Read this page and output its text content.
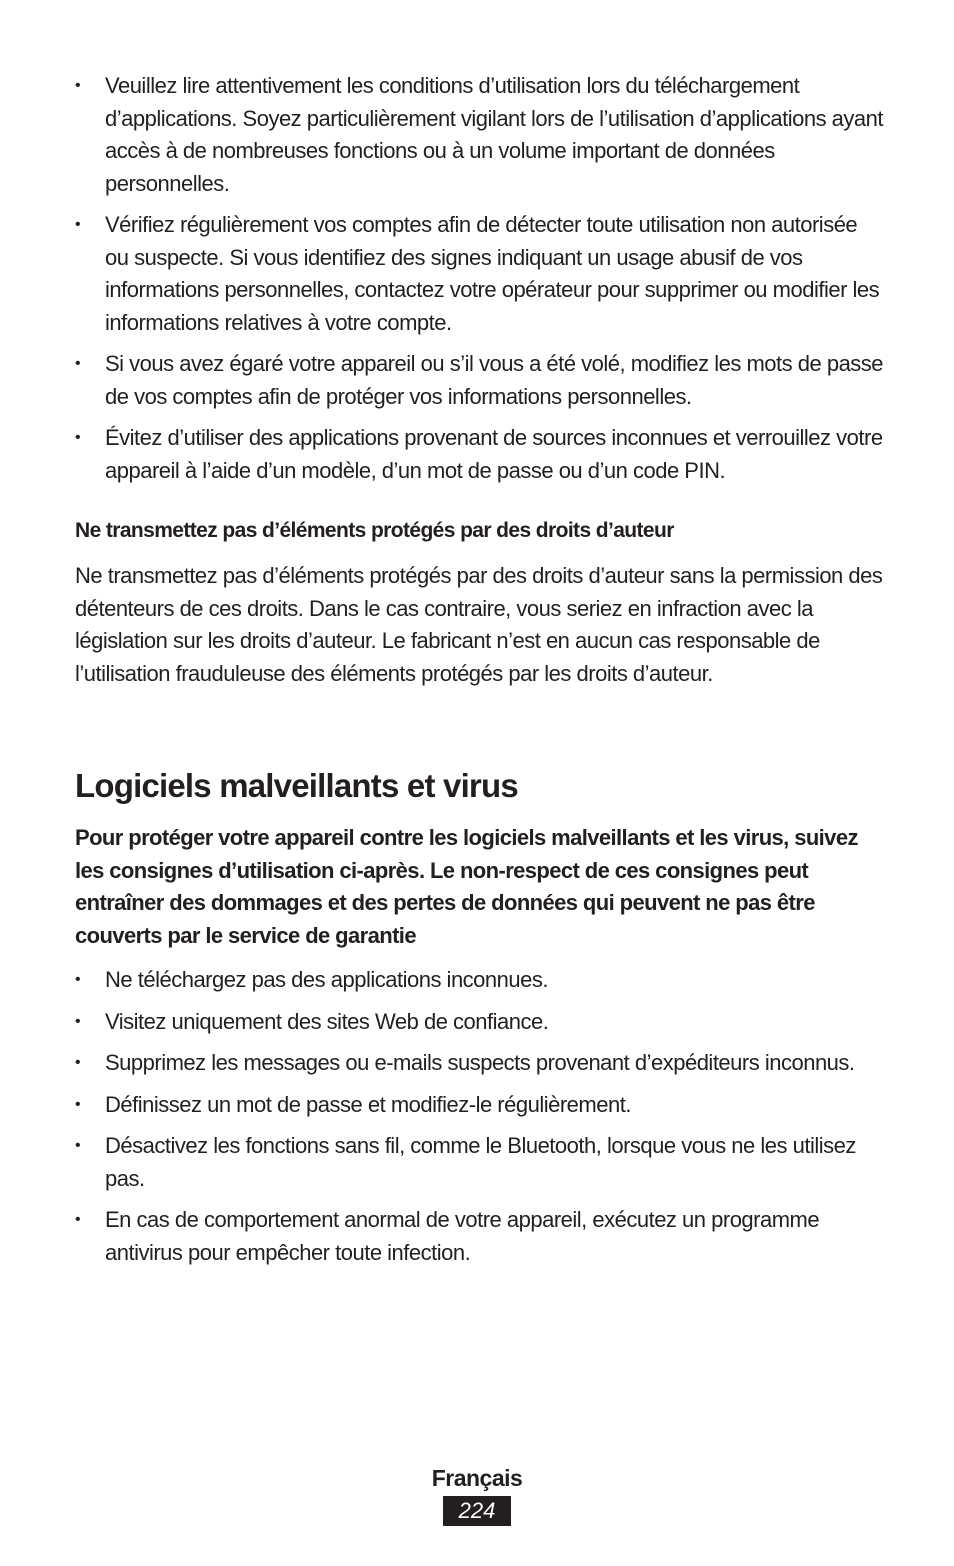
• Veuillez lire attentivement les conditions d’utilisation lors du téléchargement d’applications. Soyez particulièrement vigilant lors de l’utilisation d’applications ayant accès à de nombreuses fonctions ou à un volume important de données personnelles.
• Vérifiez régulièrement vos comptes afin de détecter toute utilisation non autorisée ou suspecte. Si vous identifiez des signes indiquant un usage abusif de vos informations personnelles, contactez votre opérateur pour supprimer ou modifier les informations relatives à votre compte.
• Si vous avez égaré votre appareil ou s’il vous a été volé, modifiez les mots de passe de vos comptes afin de protéger vos informations personnelles.
• Évitez d’utiliser des applications provenant de sources inconnues et verrouillez votre appareil à l’aide d’un modèle, d’un mot de passe ou d’un code PIN.
Ne transmettez pas d’éléments protégés par des droits d’auteur

Ne transmettez pas d’éléments protégés par des droits d’auteur sans la permission des détenteurs de ces droits. Dans le cas contraire, vous seriez en infraction avec la législation sur les droits d’auteur. Le fabricant n’est en aucun cas responsable de l’utilisation frauduleuse des éléments protégés par les droits d’auteur.

Logiciels malveillants et virus

Pour protéger votre appareil contre les logiciels malveillants et les virus, suivez les consignes d’utilisation ci-après. Le non-respect de ces consignes peut entraîner des dommages et des pertes de données qui peuvent ne pas être couverts par le service de garantie

• Ne téléchargez pas des applications inconnues.
• Visitez uniquement des sites Web de confiance.
• Supprimez les messages ou e-mails suspects provenant d’expéditeurs inconnus.
• Définissez un mot de passe et modifiez-le régulièrement.
• Désactivez les fonctions sans fil, comme le Bluetooth, lorsque vous ne les utilisez pas.
• En cas de comportement anormal de votre appareil, exécutez un programme antivirus pour empêcher toute infection.
Français
224
